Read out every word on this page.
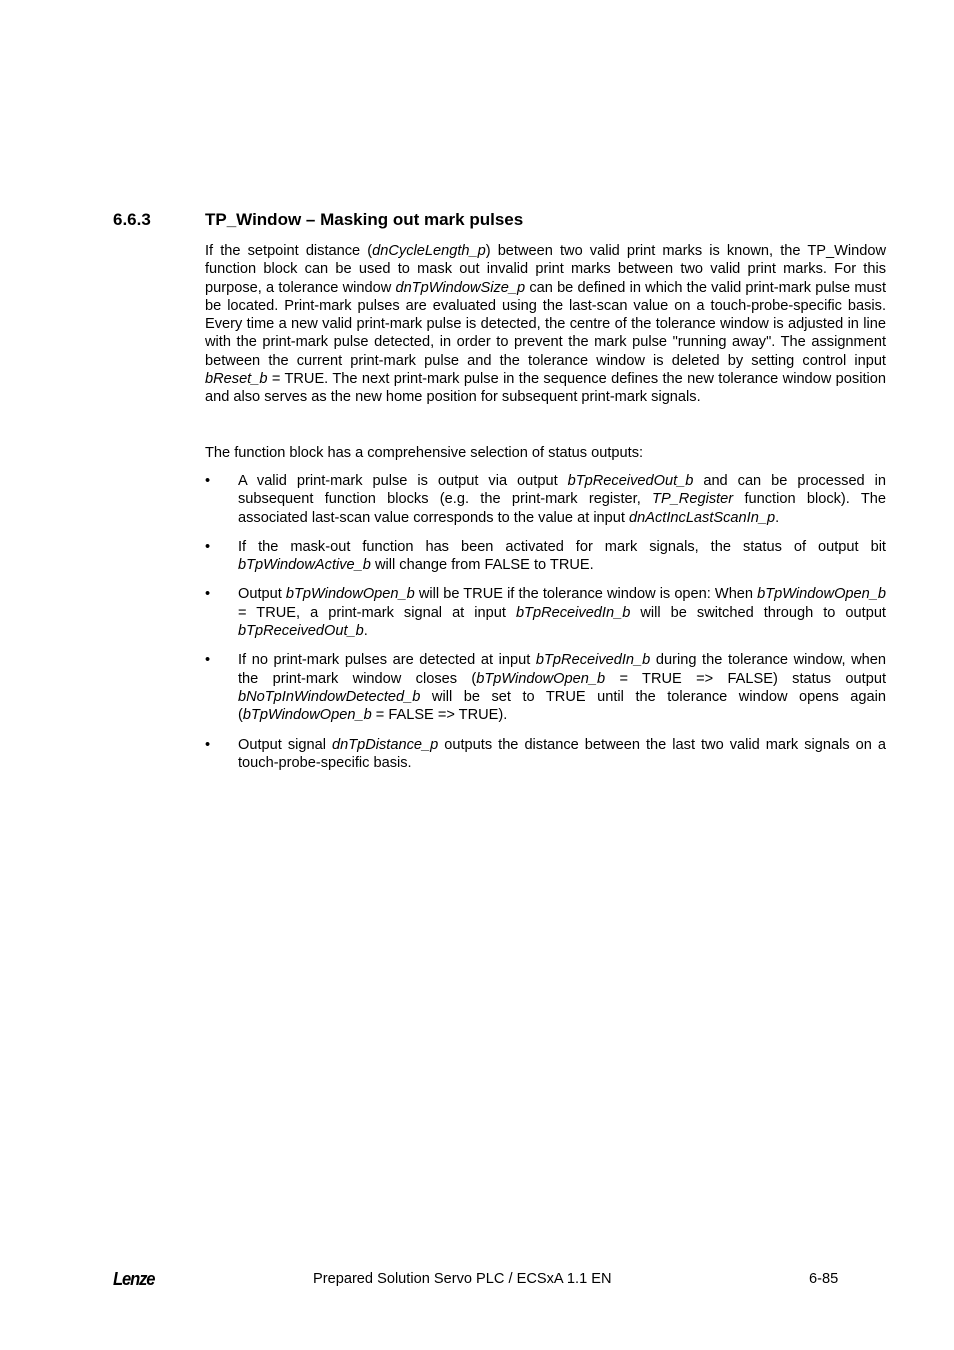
6.6.3	TP_Window – Masking out mark pulses

If the setpoint distance (dnCycleLength_p) between two valid print marks is known, the TP_Window function block can be used to mask out invalid print marks between two valid print marks. For this purpose, a tolerance window dnTpWindowSize_p can be defined in which the valid print-mark pulse must be located. Print-mark pulses are evaluated using the last-scan value on a touch-probe-specific basis. Every time a new valid print-mark pulse is detected, the centre of the tolerance window is adjusted in line with the print-mark pulse detected, in order to prevent the mark pulse "running away". The assignment between the current print-mark pulse and the tolerance window is deleted by setting control input bReset_b = TRUE. The next print-mark pulse in the sequence defines the new tolerance window position and also serves as the new home position for subsequent print-mark signals.

The function block has a comprehensive selection of status outputs:

• A valid print-mark pulse is output via output bTpReceivedOut_b and can be processed in subsequent function blocks (e.g. the print-mark register, TP_Register function block). The associated last-scan value corresponds to the value at input dnActIncLastScanIn_p.
• If the mask-out function has been activated for mark signals, the status of output bit bTpWindowActive_b will change from FALSE to TRUE.
• Output bTpWindowOpen_b will be TRUE if the tolerance window is open: When bTpWindowOpen_b = TRUE, a print-mark signal at input bTpReceivedIn_b will be switched through to output bTpReceivedOut_b.
• If no print-mark pulses are detected at input bTpReceivedIn_b during the tolerance window, when the print-mark window closes (bTpWindowOpen_b = TRUE => FALSE) status output bNoTpInWindowDetected_b will be set to TRUE until the tolerance window opens again (bTpWindowOpen_b = FALSE => TRUE).
• Output signal dnTpDistance_p outputs the distance between the last two valid mark signals on a touch-probe-specific basis.
Lenze	Prepared Solution Servo PLC / ECSxA 1.1 EN	6-85
